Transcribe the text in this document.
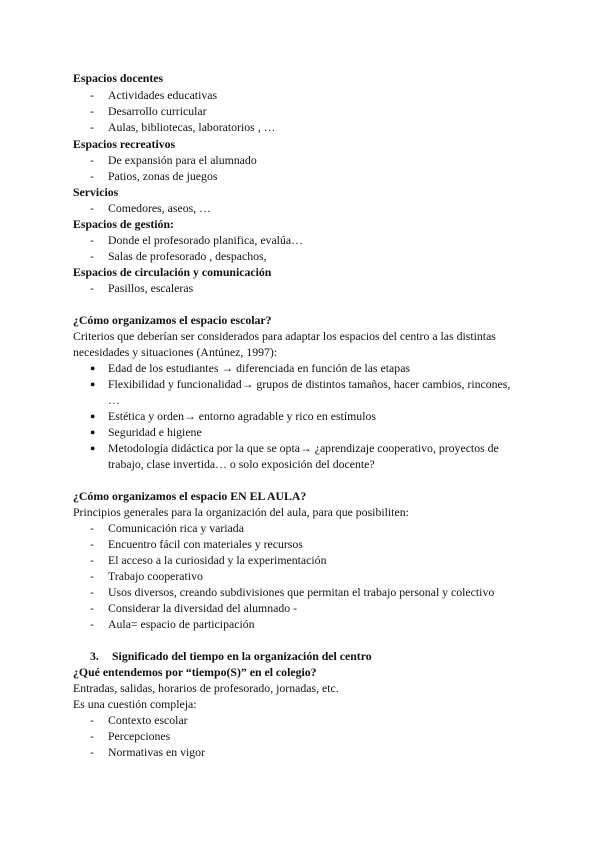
Espacios docentes
- Actividades educativas
- Desarrollo curricular
- Aulas, bibliotecas, laboratorios , …
Espacios recreativos
- De expansión para el alumnado
- Patios, zonas de juegos
Servicios
- Comedores, aseos, …
Espacios de gestión:
- Donde el profesorado planifica, evalúa…
- Salas de profesorado , despachos,
Espacios de circulación y comunicación
- Pasillos, escaleras
¿Cómo organizamos el espacio escolar?
Criterios que deberían ser considerados para adaptar los espacios del centro a las distintas
necesidades y situaciones (Antúnez, 1997):
● Edad de los estudiantes → diferenciada en función de las etapas
● Flexibilidad y funcionalidad→ grupos de distintos tamaños, hacer cambios, rincones,
…
● Estética y orden→ entorno agradable y rico en estímulos
● Seguridad e higiene
● Metodología didáctica por la que se opta→ ¿aprendizaje cooperativo, proyectos de
trabajo, clase invertida… o solo exposición del docente?
¿Cómo organizamos el espacio EN EL AULA?
Principios generales para la organización del aula, para que posibiliten:
- Comunicación rica y variada
- Encuentro fácil con materiales y recursos
- El acceso a la curiosidad y la experimentación
- Trabajo cooperativo
- Usos diversos, creando subdivisiones que permitan el trabajo personal y colectivo
- Considerar la diversidad del alumnado -
- Aula= espacio de participación
3. Significado del tiempo en la organización del centro
¿Qué entendemos por “tiempo(S)” en el colegio?
Entradas, salidas, horarios de profesorado, jornadas, etc.
Es una cuestión compleja:
- Contexto escolar
- Percepciones
- Normativas en vigor
